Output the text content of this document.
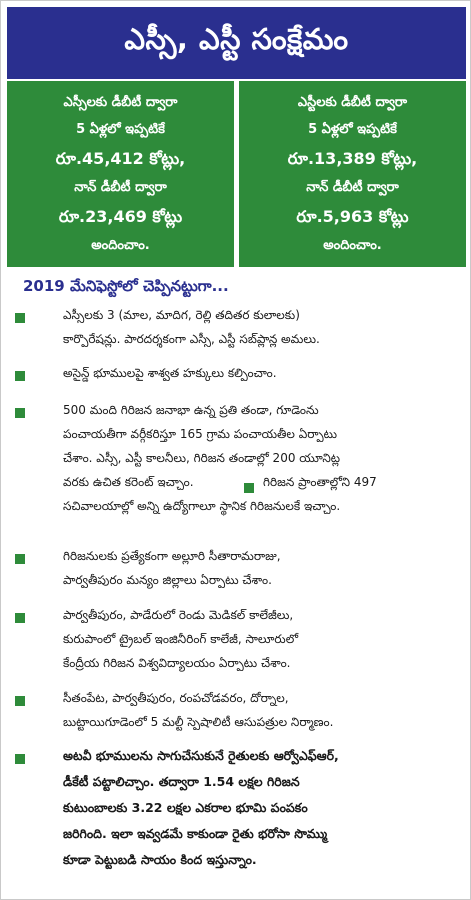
ఎస్సీ, ఎస్టీ సంక్షేమం
ఎస్సీలకు డీబీటీ ద్వారా
5 ఏళ్లలో ఇప్పటికే
రూ.45,412 కోట్లు,
నాన్ డీబీటీ ద్వారా
రూ.23,469 కోట్లు
అందించాం.
ఎస్టీలకు డీబీటీ ద్వారా
5 ఏళ్లలో ఇప్పటికే
రూ.13,389 కోట్లు,
నాన్ డీబీటీ ద్వారా
రూ.5,963 కోట్లు
అందించాం.
2019 మేనిఫెస్టోలో చెప్పినట్టుగా...
ఎస్సీలకు 3 (మాల, మాదిగ, రెల్లి తదితర కులాలకు)
కార్పొరేషన్లు. పారదర్శకంగా ఎస్సీ, ఎస్టీ సబ్‌ప్లాన్ల అమలు.
అసైన్డ్ భూములపై శాశ్వత హక్కులు కల్పించాం.
500 మంది గిరిజన జనాభా ఉన్న ప్రతి తండా, గూడెంను
పంచాయతీగా వర్గీకరిస్తూ 165 గ్రామ పంచాయతీల ఏర్పాటు
చేశాం. ఎస్సీ, ఎస్టీ కాలనీలు, గిరిజన తండాల్లో 200 యూనిట్ల
వరకు ఉచిత కరెంట్ ఇచ్చాం.	గిరిజన ప్రాంతాల్లోని 497
సచివాలయాల్లో అన్ని ఉద్యోగాలూ స్థానిక గిరిజనులకే ఇచ్చాం.
గిరిజనులకు ప్రత్యేకంగా అల్లూరి సీతారామరాజు,
పార్వతీపురం మన్యం జిల్లాలు ఏర్పాటు చేశాం.
పార్వతీపురం, పాడేరులో రెండు మెడికల్ కాలేజీలు,
కురుపాంలో ట్రైబల్ ఇంజినీరింగ్ కాలేజీ, సాలూరులో
కేంద్రీయ గిరిజన విశ్వవిద్యాలయం ఏర్పాటు చేశాం.
సీతంపేట, పార్వతీపురం, రంపచోడవరం, దోర్నాల,
బుట్టాయిగూడెంలో 5 మల్టీ స్పెషాలిటీ ఆసుపత్రుల నిర్మాణం.
అటవీ భూములను సాగుచేసుకునే రైతులకు ఆర్వోఎఫ్ఆర్,
డీకేటీ పట్టాలిచ్చాం. తద్వారా 1.54 లక్షల గిరిజన
కుటుంబాలకు 3.22 లక్షల ఎకరాల భూమి పంపకం
జరిగింది. ఇలా ఇవ్వడమే కాకుండా రైతు భరోసా సొమ్ము
కూడా పెట్టుబడి సాయం కింద ఇస్తున్నాం.
